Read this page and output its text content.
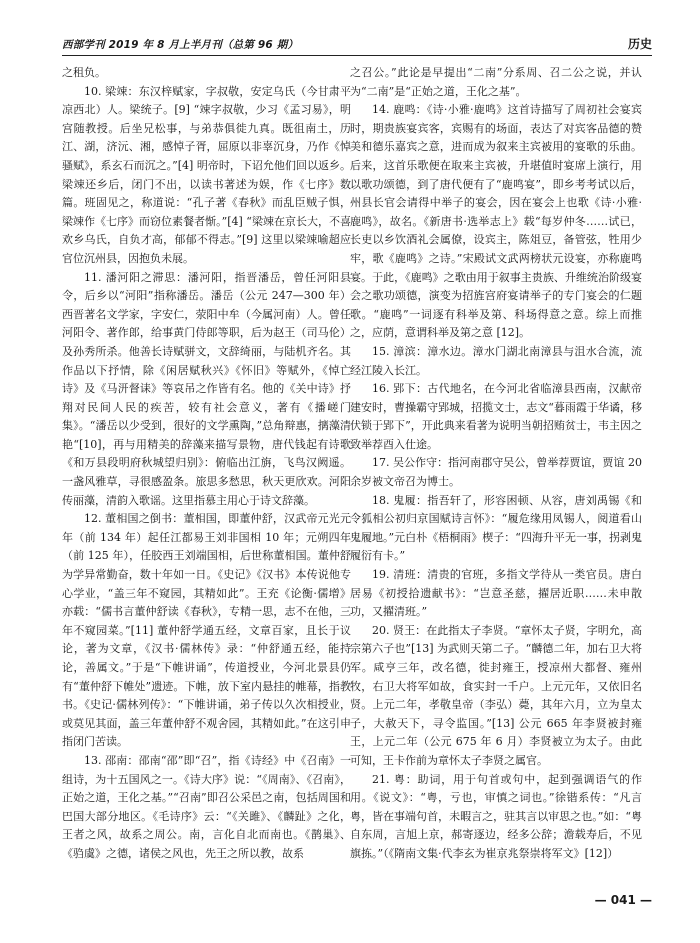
西部学刊 2019 年 8 月上半月刊（总第 96 期）	历史

之租负。

10. 梁竦：东汉梓赋家，字叔敬，安定乌氏（今甘肃平凉西北）人。梁统子。[9] “竦字叔敬，少习《孟习易》，明宫随教授。后坐兄松事，与弟恭俱徙九真。既徂南土，历江、湖，济沅、湘，感悼子胥，屈原以非辜沉身，乃作《悼骚赋》，系玄石而沉之。”[4] 明帝时，下诏允他们回以返乡。梁竦还乡后，闭门不出，以读书著述为娱，作《七序》数篇。班固见之，称道说：“孔子著《春秋》而乱臣贼子惧，梁竦作《七序》而窃位素餐者惭。”[4] “梁竦在京长大，不喜欢乡乌氏，自负才高，郁郁不得志。”[9] 这里以梁竦喻超应官位沉州县，因抱负未展。

11. 潘河阳之滞思：潘河阳，指晋潘岳，曾任河阳县令，后乡以“河阳”指称潘岳。潘岳（公元 247—300 年）西晋著名文学家，字安仁，荥阳中牟（今属河南）人。曾任河阳令、著作郎，给事黄门侍郎等职，后为赵王（司马伦）及孙秀所杀。他善长诗赋骈文，文辞绮丽，与陆机齐名。其作品以下抒情，除《闲居赋秋兴》《怀旧》等赋外，《悼亡诗》及《马汧督诔》等哀吊之作皆有名。他的《关中诗》抒翔对民间人民的疾苦，较有社会意义，著有《播嵯门集》。“潘岳以少受到，很好的文学熏陶，”总角辩惠，摛藻清艳“[10]，再与用精美的辞藻来描写景物，唐代钱起有诗歌《和万县段明府秋城望归别》：俯临出江旃，飞鸟汉阙遥。一盏风雅草，寻很感盈条。旅思多愁思，秋天更欣欢。河阳传丽藻，清韵入歌谣。这里指慕主用心于诗文辞藻。

12. 董相国之倒书：董相国，即董仲舒，汉武帝元光元年（前 134 年）起任江都易王刘非国相 10 年；元朔四年（前 125 年），任胶西王刘端国相，后世称董相国。董仲舒为学异常勤奋，数十年如一日。《史记》《汉书》本传说他专心学业，“盖三年不窥园，其精如此”。王充《论衡·儒增》亦载：“儒书言董仲舒读《春秋》，专精一思，志不在他，三年不窥园菜。”[11] 董仲舒学通五经，文章百家，且长于议论，著为文章，《汉书·儒林传》录：“仲舒通五经，能持论，善属文。”于是“下帷讲诵”，传道授业，今河北景县仍有“董仲舒下帷处”遗迹。下帷，放下室内悬挂的帷幕，指教书。《史记·儒林列传》：“下帷讲诵，弟子传以久次相授业，或莫见其面，盖三年董仲舒不观舍园，其精如此。”在这引申指闭门苦读。

13. 邵南：邵南“邵”即“召”，指《诗经》中《召南》一组诗，为十五国风之一。《诗大序》说：“《周南》、《召南》，正始之道，王化之基。”“召南”即召公采邑之南，包括周国和巴国大部分地区。《毛诗序》云：“《关雎》、《麟趾》之化，王者之风，故系之周公。南，言化自北而南也。《鹊巢》、《驺虞》之德，诸侯之风也，先王之所以教，故系

之召公。”此论是早提出“二南”分系周、召二公之说，并认为“二南”是“正始之道，王化之基”。

14. 鹿鸣：《诗·小雅·鹿鸣》这首诗描写了周初社会宴宾时，期贵族宴宾客，宾赐有的场面，表达了对宾客品德的赞美和德乐嘉宾之意，进而成为叙来主宾被用的宴歌的乐曲。后来，这首乐歌便在取来主宾被，升堪值时宴席上演行，用以歌功颂德，到了唐代便有了“鹿鸣宴”，即乡考考试以后，州县长官会请得中举子的宴会，因在宴会上也歌《诗·小雅·鹿鸣》，故名。《新唐书·选举志上》载“每岁仲冬……试已，长吏以乡饮酒礼会属僚，设宾主，陈俎豆，备管弦，牲用少牢，歌《鹿鸣》之诗。”宋殿试文武两榜状元设宴，亦称鹿鸣宴。于此，《鹿鸣》之歌由用于叙事主贵族、升维统治阶级宴会之歌功颂德，演变为招旌宫府宴请举子的专门宴会的仁题歌。“鹿鸣”一词逐有科举及第、科场得意之意。综上而推之，应荫，意谓科举及第之意 [12]。

15. 漳滨：漳水边。漳水门湖北南漳县与沮水合流，流经江陵入长江。

16. 郢下：古代地名，在今河北省临漳县西南，汉献帝建安时，曹操霸守郢城，招揽文士，志文“暮雨霞于华谲，移伏锁于郢下”，开此典来看著为说明当朝招贿贫士，韦主因之致举荐酉入仕途。

17. 吴公作守：指河南郡守吴公，曾举荐贾谊，贾谊 20 余岁被文帝召为博士。

18. 鬼履：指吾轩了，形容困顿、从容，唐刘禹锡《和令狐相公初归京国赋诗言怀》：“履危缘用凤锡人，阅道看山鬼履地。”元白朴《梧桐雨》楔子：“四海升平无一事，拐剥鬼履衍有卡。”

19. 清班：清贵的官班，多指文学待从一类官员。唐白居易《初授拾遗献书》：“岂意圣慈，擢居近职……未申散功，又擢清班。”

20. 贤王：在此指太子李贤。“章怀太子贤，字明允，高宗第六子也”[13] 为武则天第二子。“麟德二年，加右卫大将军。咸亨三年，改名德，徙封雍王，授凉州大都督、雍州牧，右卫大将军如故，食实封一千户。上元元年，又依旧名贤。上元二年，孝敬皇帝（李弘）薨，其年六月，立为皇太子，大赦天下，寻令监国。”[13] 公元 665 年李贤被封雍王，上元二年（公元 675 年 6 月）李贤被立为太子。由此可知，王卡作前为章怀太子李贤之属官。

21. 粤：助词，用于句首或句中，起到强调语气的作用。《说文》：“粤，亏也，审慎之词也。”徐锴系传：“凡言粤，皆在事端句首，未暇言之，驻其言以审思之也。”如：“粤自东周，言旭上京，郝寄逐边，经多公辞；澹载寿后，不见旗拣。”（《隋南文集·代李玄为崔京兆祭崇将军文》[12]）

— 041 —
